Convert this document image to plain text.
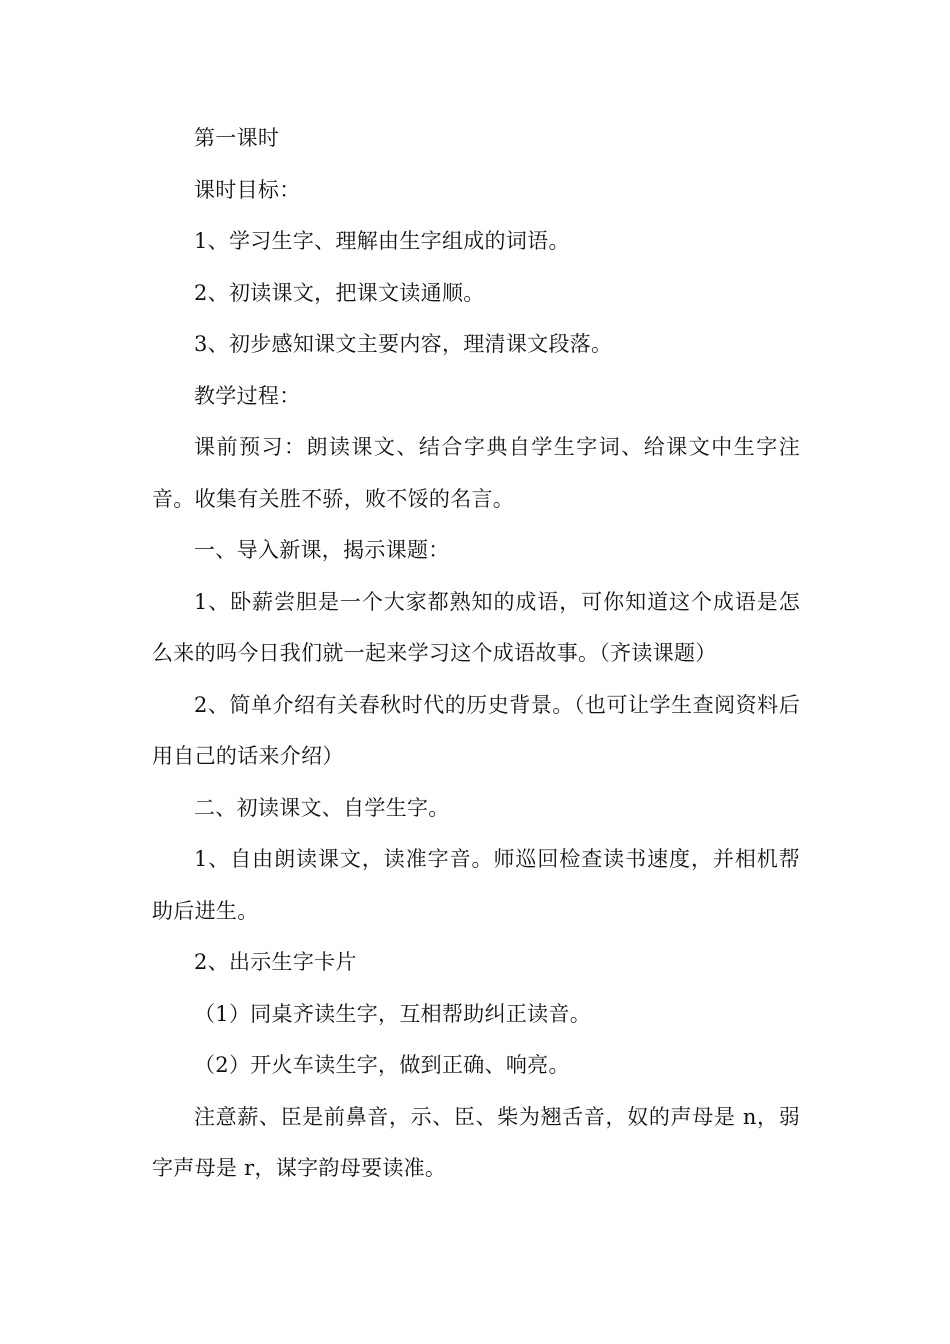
第一课时

课时目标：

1、学习生字、理解由生字组成的词语。

2、初读课文，把课文读通顺。

3、初步感知课文主要内容，理清课文段落。

教学过程：

课前预习：朗读课文、结合字典自学生字词、给课文中生字注音。收集有关胜不骄，败不馁的名言。

一、导入新课，揭示课题：

1、卧薪尝胆是一个大家都熟知的成语，可你知道这个成语是怎么来的吗今日我们就一起来学习这个成语故事。（齐读课题）

2、简单介绍有关春秋时代的历史背景。（也可让学生查阅资料后用自己的话来介绍）

二、初读课文、自学生字。

1、自由朗读课文，读准字音。师巡回检查读书速度，并相机帮助后进生。

2、出示生字卡片

（1）同桌齐读生字，互相帮助纠正读音。

（2）开火车读生字，做到正确、响亮。

注意薪、臣是前鼻音，示、臣、柴为翘舌音，奴的声母是 n，弱字声母是 r，谋字韵母要读准。
